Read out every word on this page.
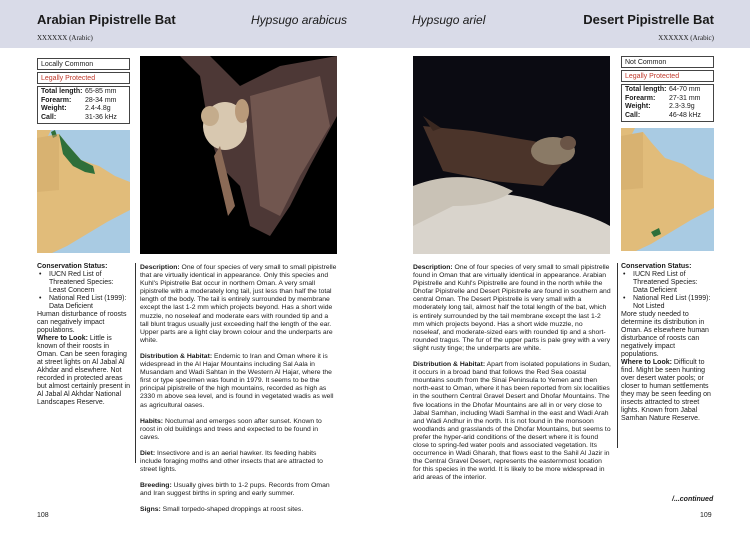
Arabian Pipistrelle Bat	Hypsugo arabicus
XXXXXX (Arabic)
Hypsugo ariel	Desert Pipistrelle Bat
XXXXXX (Arabic)
Locally Common
Legally Protected
Total length: 65-85 mm
Forearm:	28-34 mm
Weight:	2.4-4.8g
Call:	31-36 kHz
Conservation Status:
•	IUCN Red List of Threatened Species: Least Concern
•	National Red List (1999): Data Deficient
Human disturbance of roosts can negatively impact populations.
Where to Look: Little is known of their roosts in Oman. Can be seen foraging at street lights on Al Jabal Al Akhdar and elsewhere. Not recorded in protected areas but almost certainly present in Al Jabal Al Akhdar National Landscapes Reserve.

Description: One of four species of very small to small pipistrelle that are virtually identical in appearance. Only this species and Kuhl's Pipistrelle Bat occur in northern Oman. A very small pipistrelle with a moderately long tail, just less than half the total length of the body. The tail is entirely surrounded by membrane except the last 1-2 mm which projects beyond. Has a short wide muzzle, no noseleaf and moderate ears with rounded tip and a tall blunt tragus usually just exceeding half the length of the ear. Upper parts are a light clay brown colour and the underparts are white.

Distribution & Habitat: Endemic to Iran and Oman where it is widespread in the Al Hajar Mountains including Sal Aala in Musandam and Wadi Sahtan in the Western Al Hajar, where the first or type specimen was found in 1979. It seems to be the principal pipistrelle of the high mountains, recorded as high as 2330 m above sea level, and is found in vegetated wadis as well as agricultural oases.

Habits: Nocturnal and emerges soon after sunset. Known to roost in old buildings and trees and expected to be found in caves.

Diet: Insectivore and is an aerial hawker. Its feeding habits include foraging moths and other insects that are attracted to street lights.

Breeding: Usually gives birth to 1-2 pups. Records from Oman and Iran suggest births in spring and early summer.

Signs: Small torpedo-shaped droppings at roost sites.

Description: One of four species of very small to small pipistrelle found in Oman that are virtually identical in appearance. Arabian Pipistrelle and Kuhl's Pipistrelle are found in the north while the Dhofar Pipistrelle and Desert Pipistrelle are found in southern and central Oman. The Desert Pipistrelle is very small with a moderately long tail, almost half the total length of the bat, which is entirely surrounded by the tail membrane except the last 1-2 mm which projects beyond. Has a short wide muzzle, no noseleaf, and moderate-sized ears with rounded tip and a short-rounded tragus. The fur of the upper parts is pale grey with a very slight rusty tinge; the underparts are white.

Distribution & Habitat: Apart from isolated populations in Sudan, it occurs in a broad band that follows the Red Sea coastal mountains south from the Sinai Peninsula to Yemen and then north-east to Oman, where it has been reported from six localities in the southern Central Gravel Desert and Dhofar Mountains. The five locations in the Dhofar Mountains are all in or very close to Jabal Samhan, including Wadi Samhal in the east and Wadi Arah and Wadi Andhur in the north. It is not found in the monsoon woodlands and grasslands of the Dhofar Mountains, but seems to prefer the hyper-arid conditions of the desert where it is found close to spring-fed water pools and associated vegetation. Its occurrence in Wadi Gharah, that flows east to the Sahil Al Jazir in the Central Gravel Desert, represents the easternmost location for this species in the world. It is likely to be more widespread in arid areas of the interior.

Not Common
Legally Protected
Total length: 64-70 mm
Forearm:	27-31 mm
Weight:	2.3-3.9g
Call:	46-48 kHz
Conservation Status:
•	IUCN Red List of Threatened Species: Data Deficient
•	National Red List (1999): Not Listed
More study needed to determine its distribution in Oman. As elsewhere human disturbance of roosts can negatively impact populations.
Where to Look: Difficult to find. Might be seen hunting over desert water pools; or closer to human settlements they may be seen feeding on insects attracted to street lights. Known from Jabal Samhan Nature Reserve.
/...continued
108	109
